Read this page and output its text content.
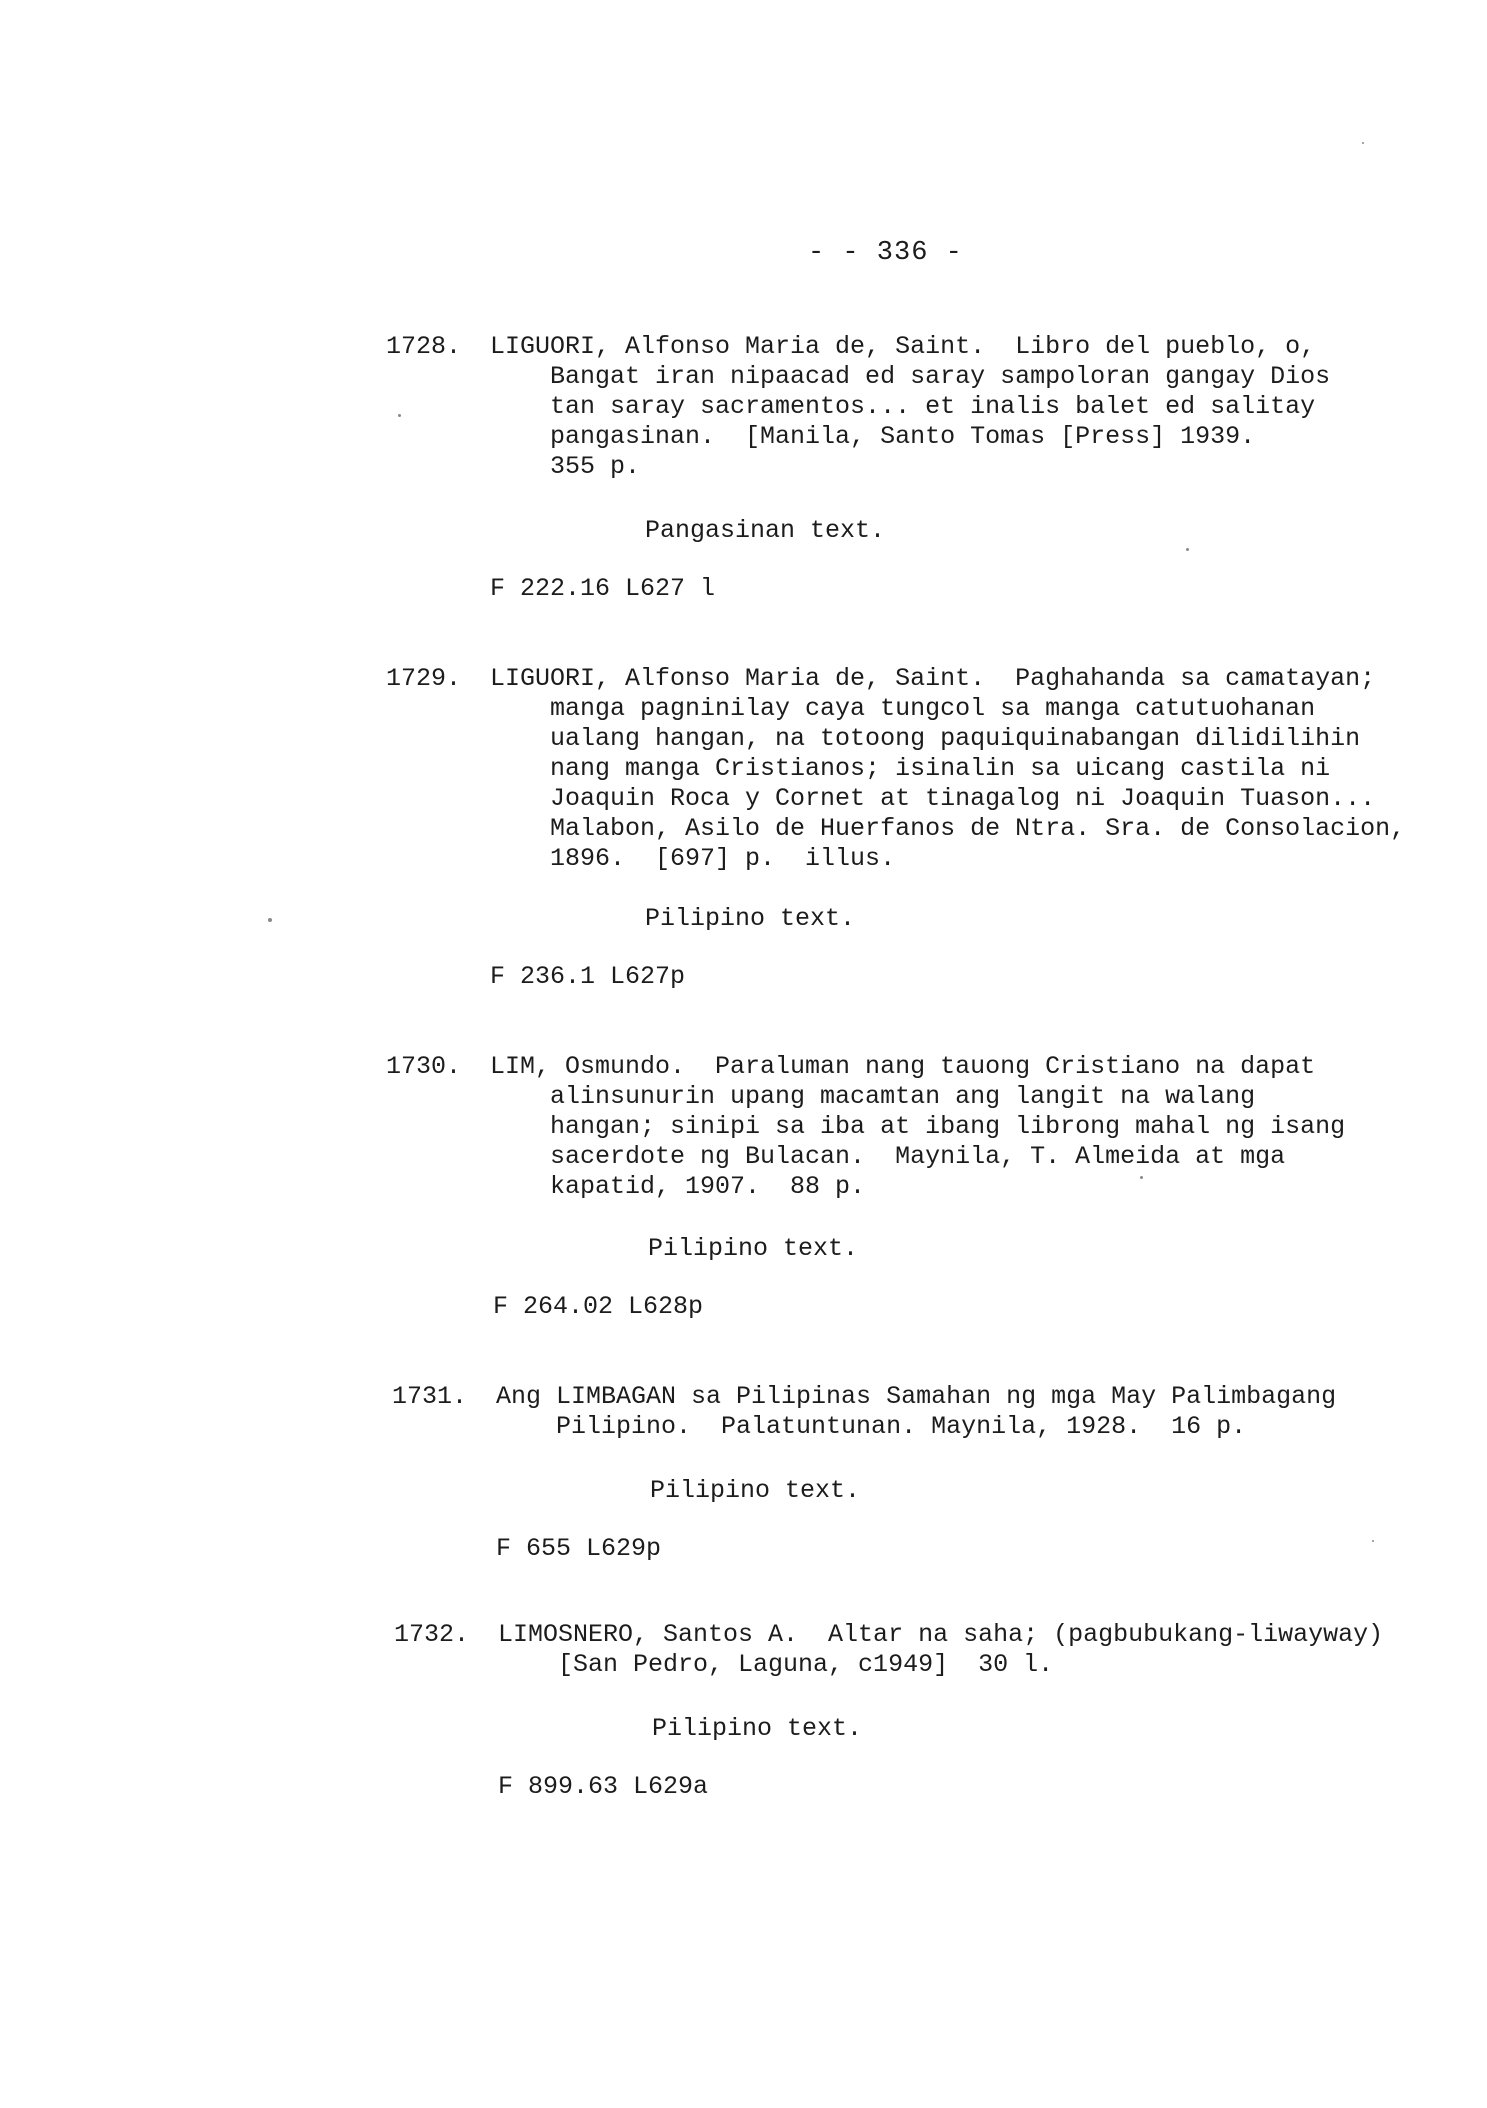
- - 336 -
1728. LIGUORI, Alfonso Maria de, Saint.  Libro del pueblo, o,
Bangat iran nipaacad ed saray sampoloran gangay Dios
tan saray sacramentos... et inalis balet ed salitay
pangasinan.  [Manila, Santo Tomas [Press] 1939.
355 p.
Pangasinan text.
F 222.16 L627 l
1729. LIGUORI, Alfonso Maria de, Saint.  Paghahanda sa camatayan;
manga pagninilay caya tungcol sa manga catutuohanan
ualang hangan, na totoong paquiquinabangan dilidilihin
nang manga Cristianos; isinalin sa uicang castila ni
Joaquin Roca y Cornet at tinagalog ni Joaquin Tuason...
Malabon, Asilo de Huerfanos de Ntra. Sra. de Consolacion,
1896.  [697] p.  illus.
Pilipino text.
F 236.1 L627p
1730. LIM, Osmundo.  Paraluman nang tauong Cristiano na dapat
alinsunurin upang macamtan ang langit na walang
hangan; sinipi sa iba at ibang librong mahal ng isang
sacerdote ng Bulacan.  Maynila, T. Almeida at mga
kapatid, 1907.  88 p.
Pilipino text.
F 264.02 L628p
1731. Ang LIMBAGAN sa Pilipinas Samahan ng mga May Palimbagang
Pilipino.  Palatuntunan. Maynila, 1928.  16 p.
Pilipino text.
F 655 L629p
1732. LIMOSNERO, Santos A.  Altar na saha; (pagbubukang-liwayway)
[San Pedro, Laguna, c1949]  30 l.
Pilipino text.
F 899.63 L629a
